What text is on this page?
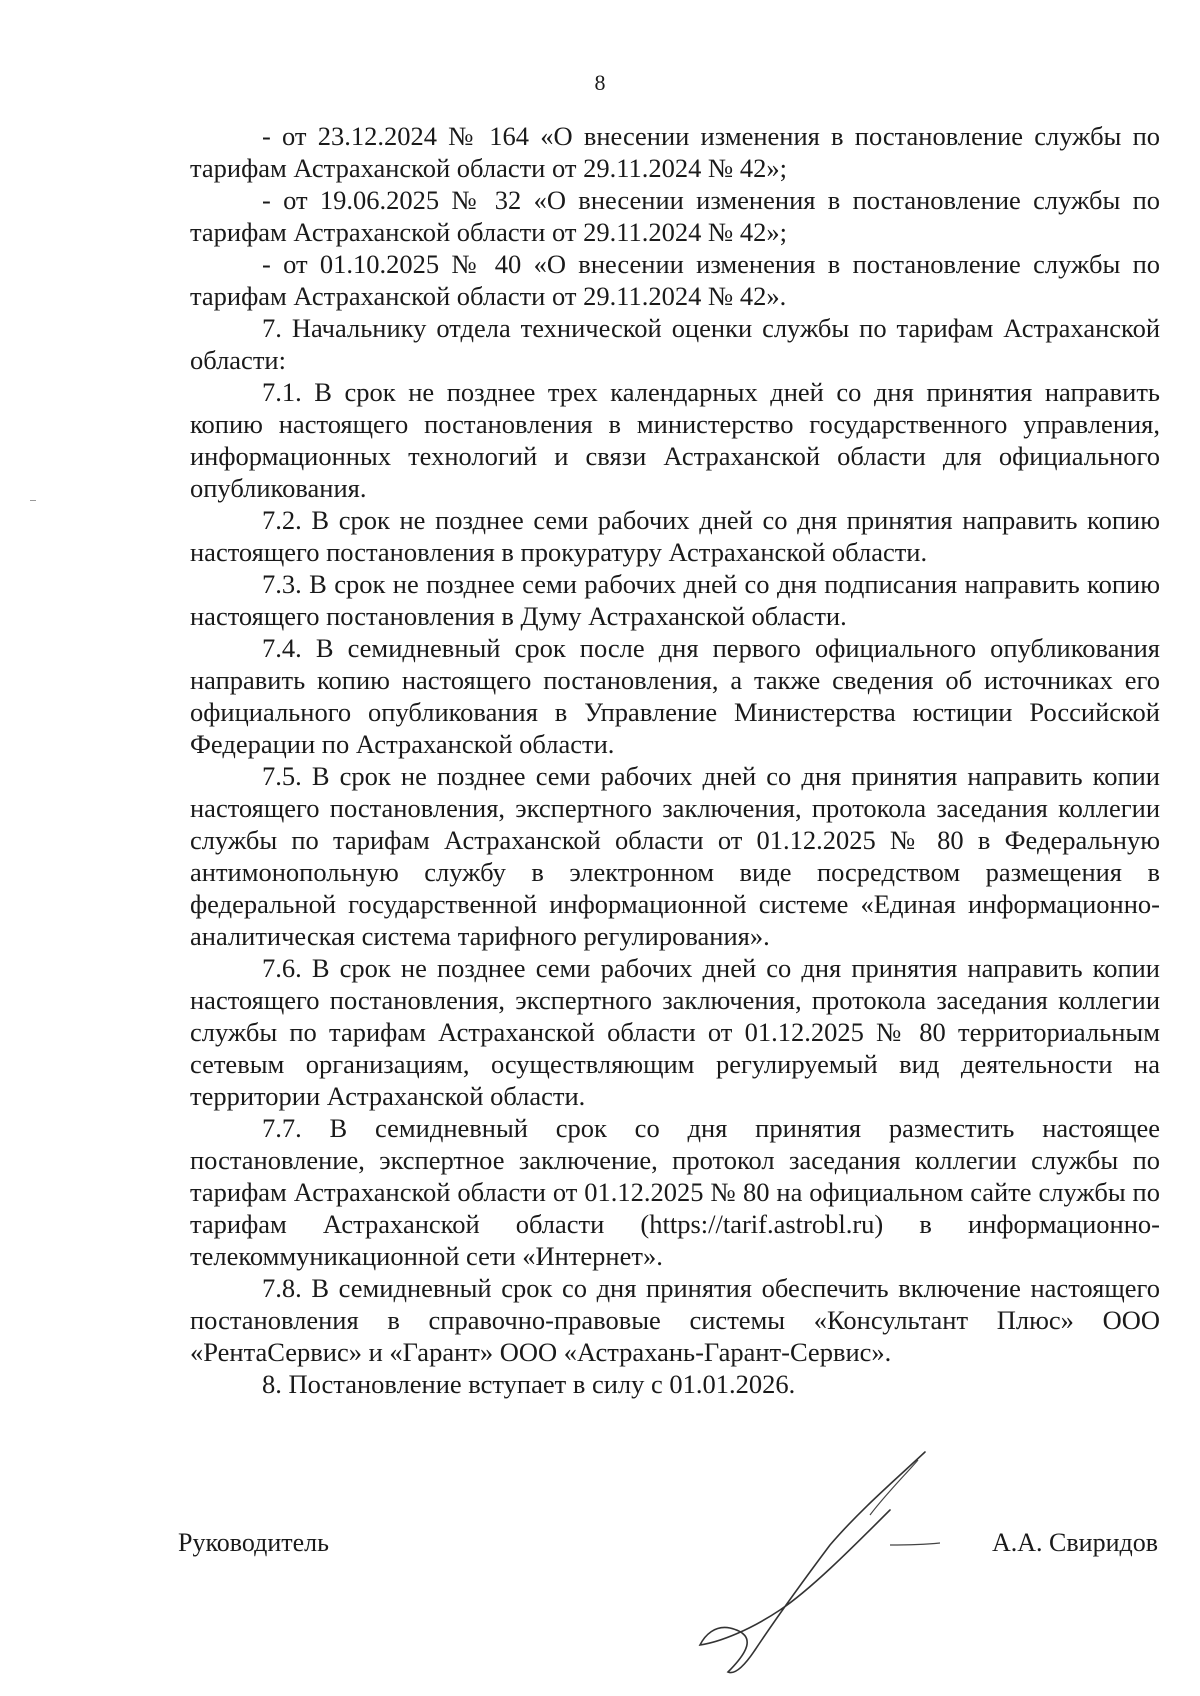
8

- от 23.12.2024 № 164 «О внесении изменения в постановление службы по тарифам Астраханской области от 29.11.2024 № 42»;

- от 19.06.2025 № 32 «О внесении изменения в постановление службы по тарифам Астраханской области от 29.11.2024 № 42»;

- от 01.10.2025 № 40 «О внесении изменения в постановление службы по тарифам Астраханской области от 29.11.2024 № 42».

7. Начальнику отдела технической оценки службы по тарифам Астраханской области:

7.1. В срок не позднее трех календарных дней со дня принятия направить копию настоящего постановления в министерство государственного управления, информационных технологий и связи Астраханской области для официального опубликования.

7.2. В срок не позднее семи рабочих дней со дня принятия направить копию настоящего постановления в прокуратуру Астраханской области.

7.3. В срок не позднее семи рабочих дней со дня подписания направить копию настоящего постановления в Думу Астраханской области.

7.4. В семидневный срок после дня первого официального опубликования направить копию настоящего постановления, а также сведения об источниках его официального опубликования в Управление Министерства юстиции Российской Федерации по Астраханской области.

7.5. В срок не позднее семи рабочих дней со дня принятия направить копии настоящего постановления, экспертного заключения, протокола заседания коллегии службы по тарифам Астраханской области от 01.12.2025 № 80 в Федеральную антимонопольную службу в электронном виде посредством размещения в федеральной государственной информационной системе «Единая информационно-аналитическая система тарифного регулирования».

7.6. В срок не позднее семи рабочих дней со дня принятия направить копии настоящего постановления, экспертного заключения, протокола заседания коллегии службы по тарифам Астраханской области от 01.12.2025 № 80 территориальным сетевым организациям, осуществляющим регулируемый вид деятельности на территории Астраханской области.

7.7. В семидневный срок со дня принятия разместить настоящее постановление, экспертное заключение, протокол заседания коллегии службы по тарифам Астраханской области от 01.12.2025 № 80 на официальном сайте службы по тарифам Астраханской области (https://tarif.astrobl.ru) в информационно-телекоммуникационной сети «Интернет».

7.8. В семидневный срок со дня принятия обеспечить включение настоящего постановления в справочно-правовые системы «Консультант Плюс» ООО «РентаСервис» и «Гарант» ООО «Астрахань-Гарант-Сервис».

8. Постановление вступает в силу с 01.01.2026.

Руководитель	А.А. Свиридов
